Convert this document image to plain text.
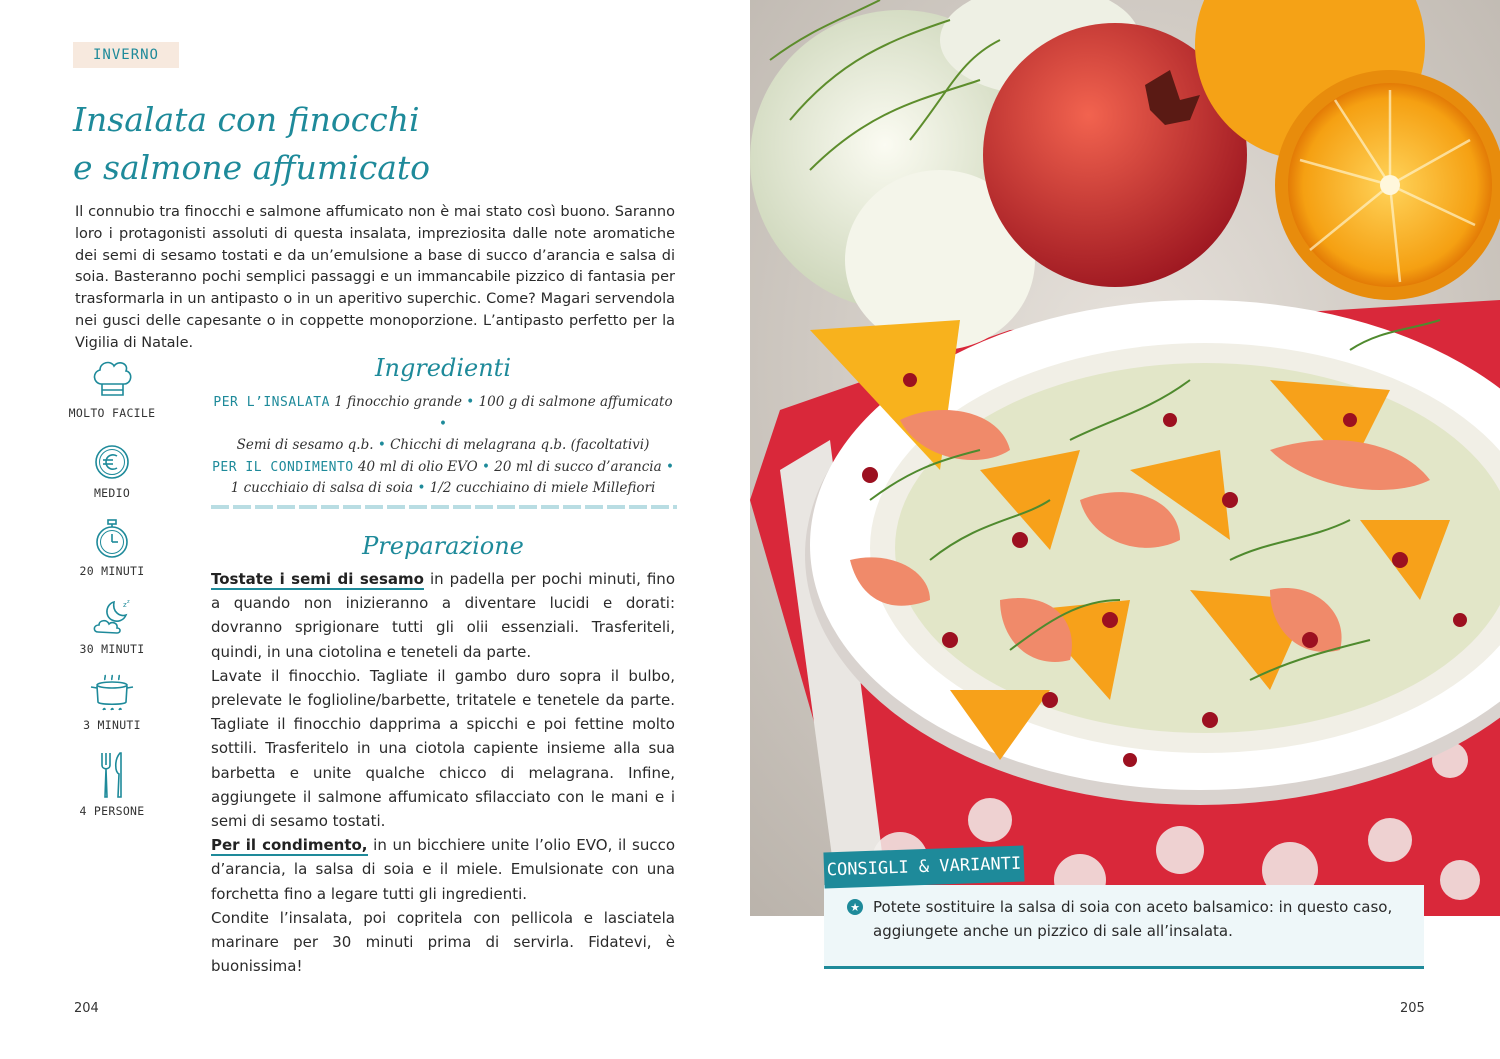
INVERNO
Insalata con finocchi
e salmone affumicato

Il connubio tra finocchi e salmone affumicato non è mai stato così buono. Saranno loro i protagonisti assoluti di questa insalata, impreziosita dalle note aromatiche dei semi di sesamo tostati e da un’emulsione a base di succo d’arancia e salsa di soia. Basteranno pochi semplici passaggi e un immancabile pizzico di fantasia per trasformarla in un antipasto o in un aperitivo superchic. Come? Magari servendola nei gusci delle capesante o in coppette monoporzione. L’antipasto perfetto per la Vigilia di Natale.

MOLTO FACILE
MEDIO
20 MINUTI
z z
30 MINUTI
3 MINUTI
4 PERSONE
Ingredienti
PER L’INSALATA 1 finocchio grande • 100 g di salmone affumicato •
Semi di sesamo q.b. • Chicchi di melagrana q.b. (facoltativi)
PER IL CONDIMENTO 40 ml di olio EVO • 20 ml di succo d’arancia •
1 cucchiaio di salsa di soia • 1/2 cucchiaino di miele Millefiori
Preparazione

Tostate i semi di sesamo in padella per pochi minuti, fino a quando non inizieranno a diventare lucidi e dorati: dovranno sprigionare tutti gli olii essenziali. Trasferiteli, quindi, in una ciotolina e teneteli da parte.

Lavate il finocchio. Tagliate il gambo duro sopra il bulbo, prelevate le foglioline/barbette, tritatele e tenetele da parte. Tagliate il finocchio dapprima a spicchi e poi fettine molto sottili. Trasferitelo in una ciotola capiente insieme alla sua barbetta e unite qualche chicco di melagrana. Infine, aggiungete il salmone affumicato sfilacciato con le mani e i semi di sesamo tostati.

Per il condimento, in un bicchiere unite l’olio EVO, il succo d’arancia, la salsa di soia e il miele. Emulsionate con una forchetta fino a legare tutti gli ingredienti.

Condite l’insalata, poi copritela con pellicola e lasciatela marinare per 30 minuti prima di servirla. Fidatevi, è buonissima!

204	205
CONSIGLI & VARIANTI
★ Potete sostituire la salsa di soia con aceto balsamico: in questo caso, aggiungete anche un pizzico di sale all’insalata.
